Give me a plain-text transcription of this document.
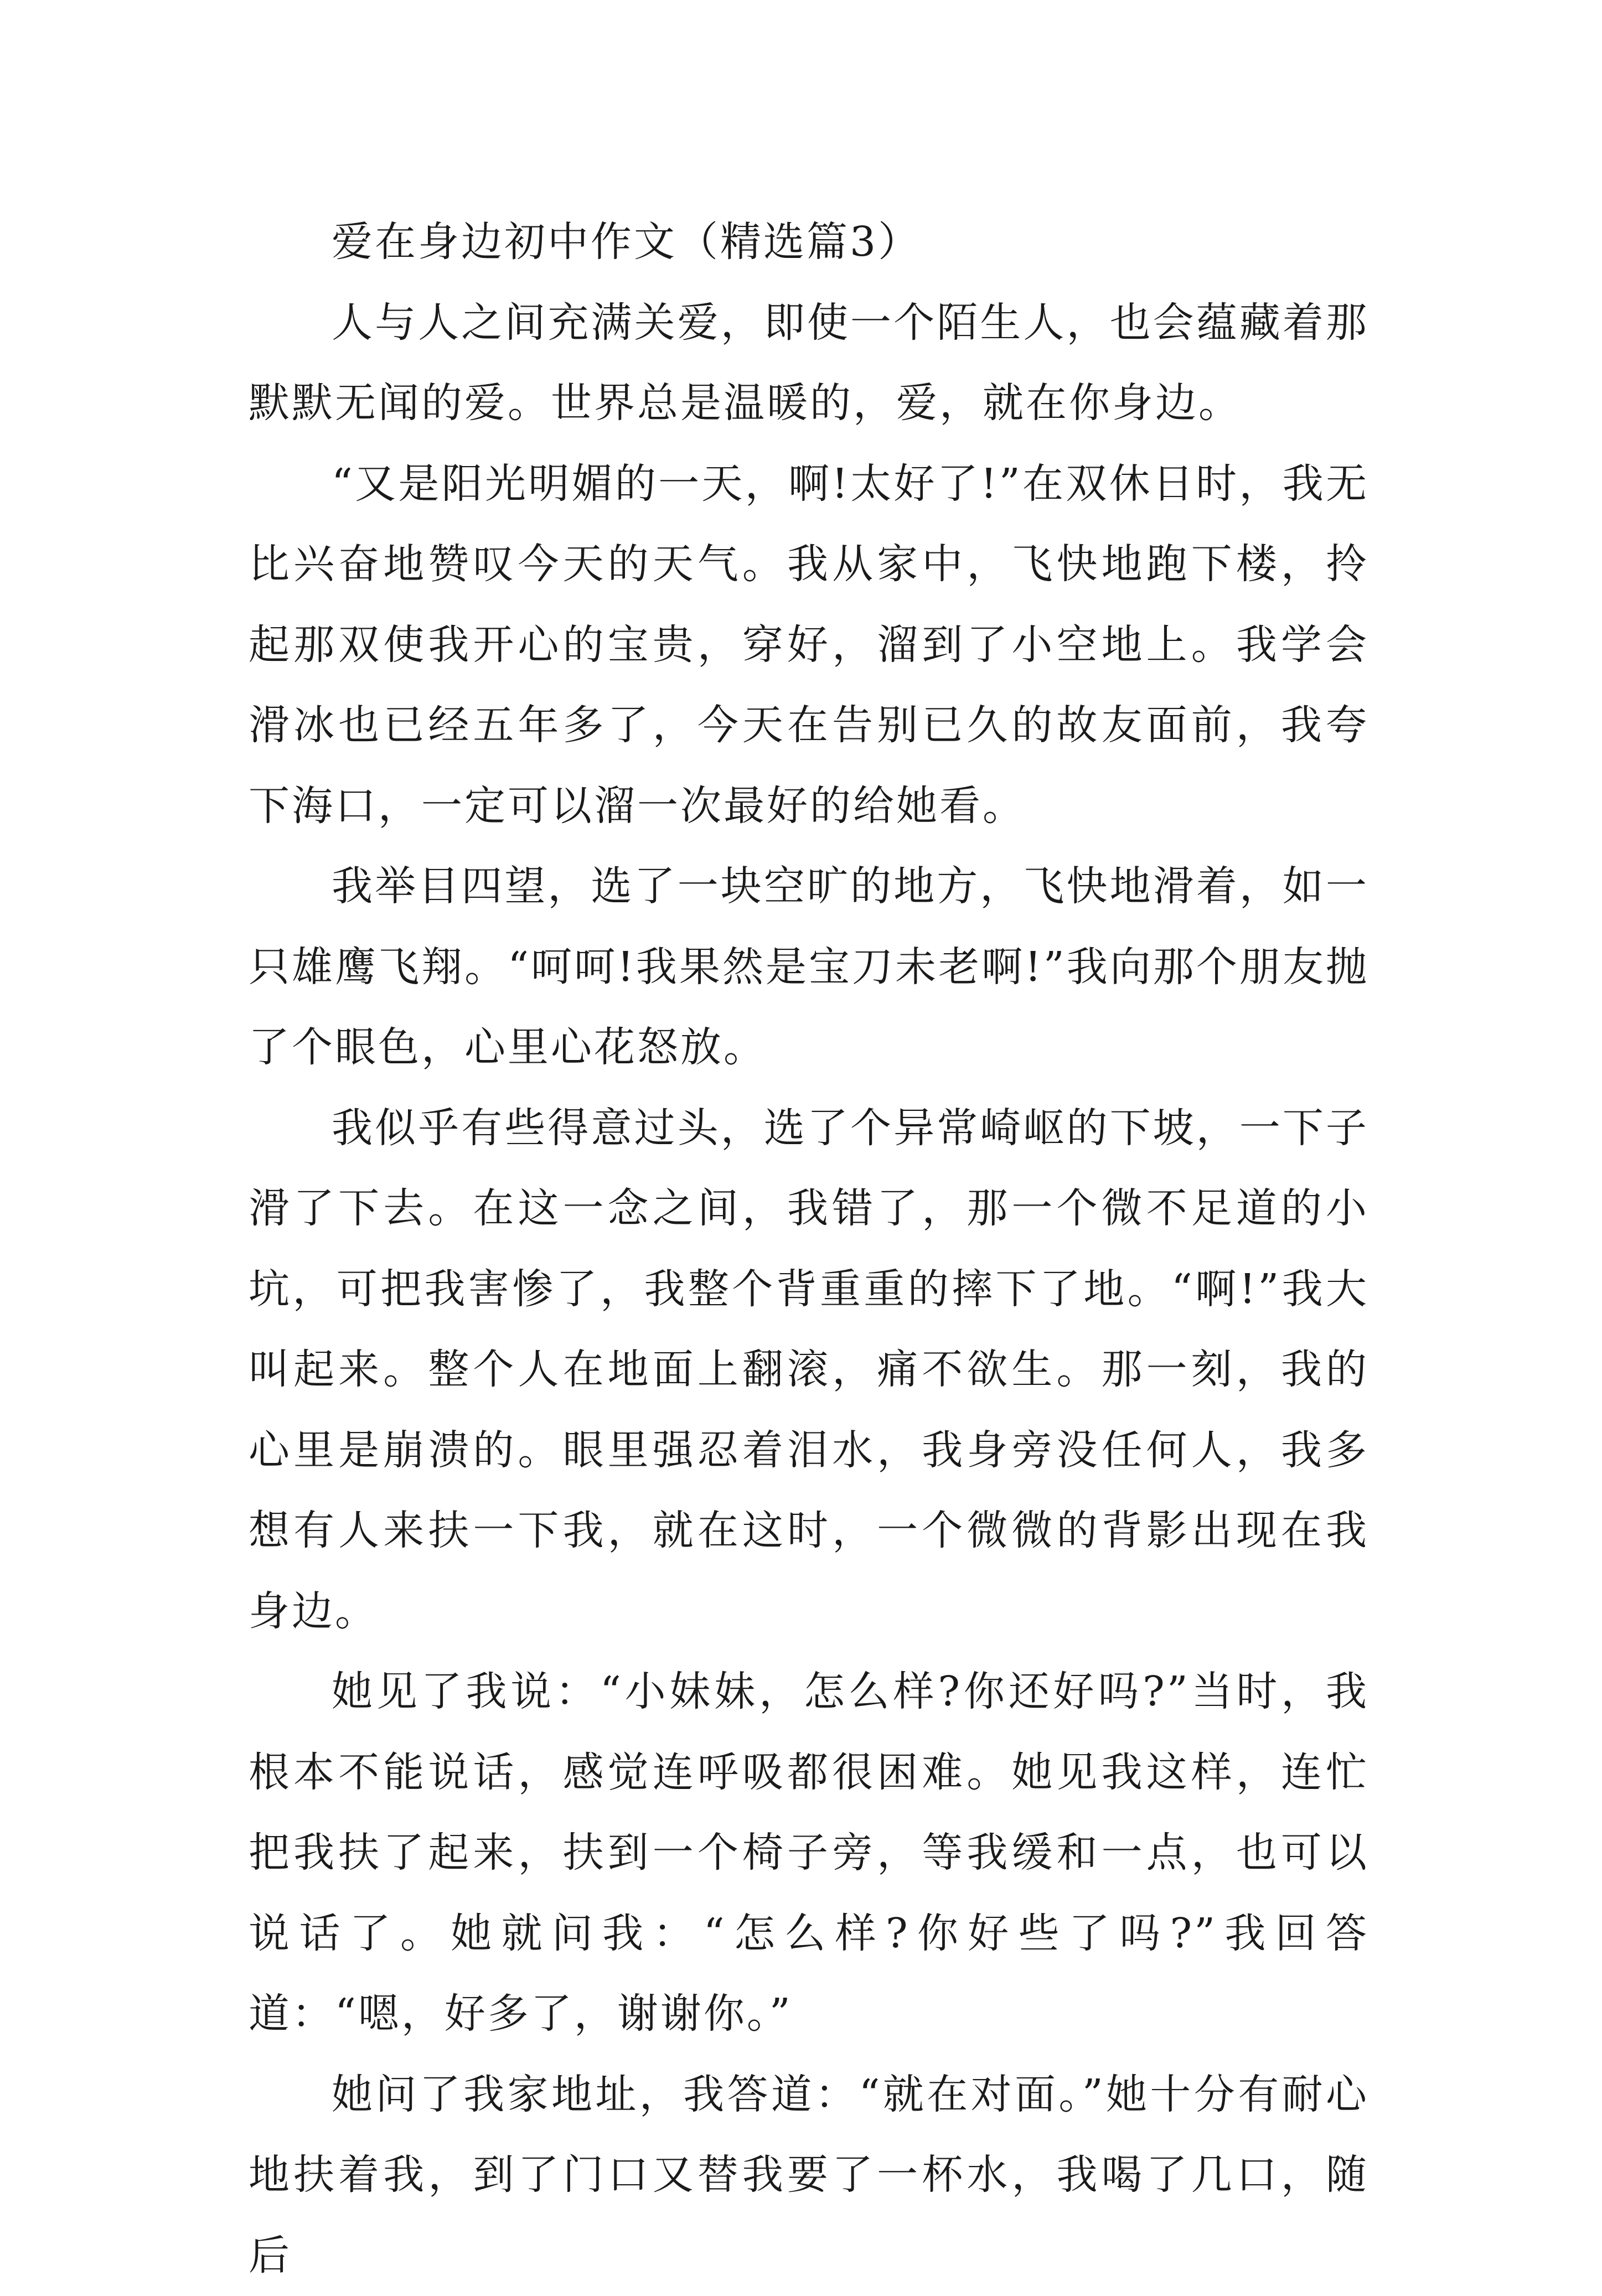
爱在身边初中作文（精选篇3）

人与人之间充满关爱，即使一个陌生人，也会蕴藏着那默默无闻的爱。世界总是温暖的，爱，就在你身边。

“又是阳光明媚的一天，啊!太好了!”在双休日时，我无比兴奋地赞叹今天的天气。我从家中，飞快地跑下楼，拎起那双使我开心的宝贵，穿好，溜到了小空地上。我学会滑冰也已经五年多了，今天在告别已久的故友面前，我夸下海口，一定可以溜一次最好的给她看。

我举目四望，选了一块空旷的地方，飞快地滑着，如一只雄鹰飞翔。“呵呵!我果然是宝刀未老啊!”我向那个朋友抛了个眼色，心里心花怒放。

我似乎有些得意过头，选了个异常崎岖的下坡，一下子滑了下去。在这一念之间，我错了，那一个微不足道的小坑，可把我害惨了，我整个背重重的摔下了地。“啊!”我大叫起来。整个人在地面上翻滚，痛不欲生。那一刻，我的心里是崩溃的。眼里强忍着泪水，我身旁没任何人，我多想有人来扶一下我，就在这时，一个微微的背影出现在我身边。

她见了我说：“小妹妹，怎么样?你还好吗?”当时，我根本不能说话，感觉连呼吸都很困难。她见我这样，连忙把我扶了起来，扶到一个椅子旁，等我缓和一点，也可以说话了。她就问我：“怎么样?你好些了吗?”我回答道：“嗯，好多了，谢谢你。”

她问了我家地址，我答道：“就在对面。”她十分有耐心地扶着我，到了门口又替我要了一杯水，我喝了几口，随后
